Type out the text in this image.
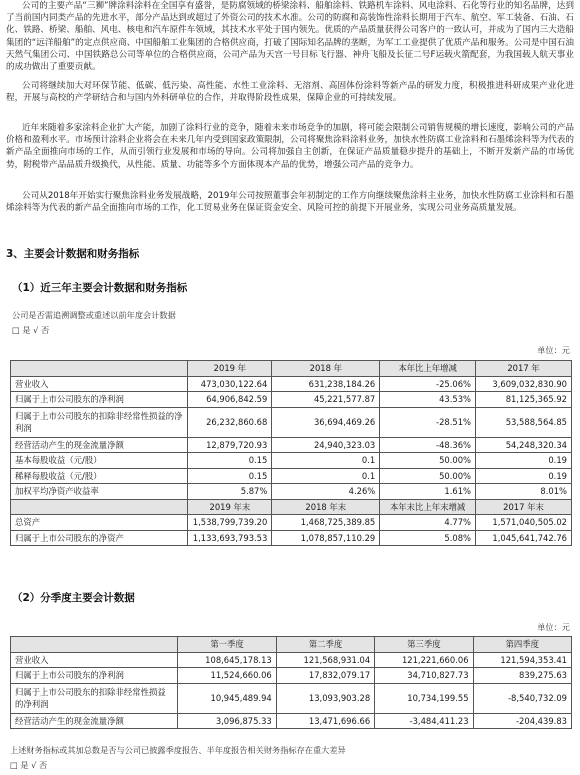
公司的主要产品“三狮”牌涂料涂料在全国享有盛誉，是防腐领域的桥梁涂料、船舶涂料、铁路机车涂料、风电涂料、石化等行业的知名品牌，达到了当前国内同类产品的先进水平，部分产品达到或超过了外资公司的技术水准。公司的防腐和高装饰性涂料长期用于汽车、航空、军工装备、石油、石化、铁路、桥梁、船舶、风电、核电和汽车原件车领域，其技术水平处于国内领先。优质的产品质量获得公司客户的一致认可，并成为了国内三大造船集团的“远洋船舶”的定点供应商、中国船舶工业集团的合格供应商，打破了国际知名品牌的垄断，为军工工业提供了优质产品和服务。公司是中国石油天然气集团公司、中国铁路总公司等单位的合格供应商，公司产品为天宫一号目标飞行器、神舟飞船及长征二号F运载火箭配套，为我国载人航天事业的成功做出了重要贡献。
公司将继续加大对环保节能、低碳、低污染、高性能、水性工业涂料、无溶剂、高固体份涂料等新产品的研发力度，积极推进科研成果产业化进程，开展与高校的产学研结合和与国内外科研单位的合作，并取得阶段性成果，保障企业的可持续发展。
近年来随着多家涂料企业扩大产能，加剧了涂料行业的竞争，随着未来市场竞争的加剧，将可能会限制公司销售规模的增长速度，影响公司的产品价格和盈利水平。市场预计涂料企业将会在未来几年内受到国家政策限制，公司将聚焦涂料涂料业务，加快水性防腐工业涂料和石墨烯涂料等为代表的新产品全面推向市场的工作，从而引领行业发展和市场的导向。公司将加强自主创新，在保证产品质量稳步提升的基础上，不断开发新产品的市场优势，附税带产品品质升级换代，从性能、质量、功能等多个方面体现本产品的优势，增强公司产品的竞争力。
公司从2018年开始实行聚焦涂料业务发展战略，2019年公司按照董事会年初制定的工作方向继续聚焦涂料主业务，加快水性防腐工业涂料和石墨烯涂料等为代表的新产品全面推向市场的工作，化工贸易业务在保证资金安全、风险可控的前提下开展业务，实现公司业务高质量发展。
3、主要会计数据和财务指标
（1）近三年主要会计数据和财务指标
公司是否需追溯调整或重述以前年度会计数据
□ 是 √ 否
单位：元
	2019 年	2018 年	本年比上年增减	2017 年
营业收入	473,030,122.64	631,238,184.26	-25.06%	3,609,032,830.90
归属于上市公司股东的净利润	64,906,842.59	45,221,577.87	43.53%	81,125,365.92
归属于上市公司股东的扣除非经常性损益的净利润	26,232,860.68	36,694,469.26	-28.51%	53,588,564.85
经营活动产生的现金流量净额	12,879,720.93	24,940,323.03	-48.36%	54,248,320.34
基本每股收益（元/股）	0.15	0.1	50.00%	0.19
稀释每股收益（元/股）	0.15	0.1	50.00%	0.19
加权平均净资产收益率	5.87%	4.26%	1.61%	8.01%
	2019 年末	2018 年末	本年末比上年末增减	2017 年末
总资产	1,538,799,739.20	1,468,725,389.85	4.77%	1,571,040,505.02
归属于上市公司股东的净资产	1,133,693,793.53	1,078,857,110.29	5.08%	1,045,641,742.76
（2）分季度主要会计数据
单位：元
	第一季度	第二季度	第三季度	第四季度
营业收入	108,645,178.13	121,568,931.04	121,221,660.06	121,594,353.41
归属于上市公司股东的净利润	11,524,660.06	17,832,079.17	34,710,827.73	839,275.63
归属于上市公司股东的扣除非经常性损益的净利润	10,945,489.94	13,093,903.28	10,734,199.55	-8,540,732.09
经营活动产生的现金流量净额	3,096,875.33	13,471,696.66	-3,484,411.23	-204,439.83
上述财务指标或其加总数是否与公司已披露季度报告、半年度报告相关财务指标存在重大差异
□ 是 √ 否
